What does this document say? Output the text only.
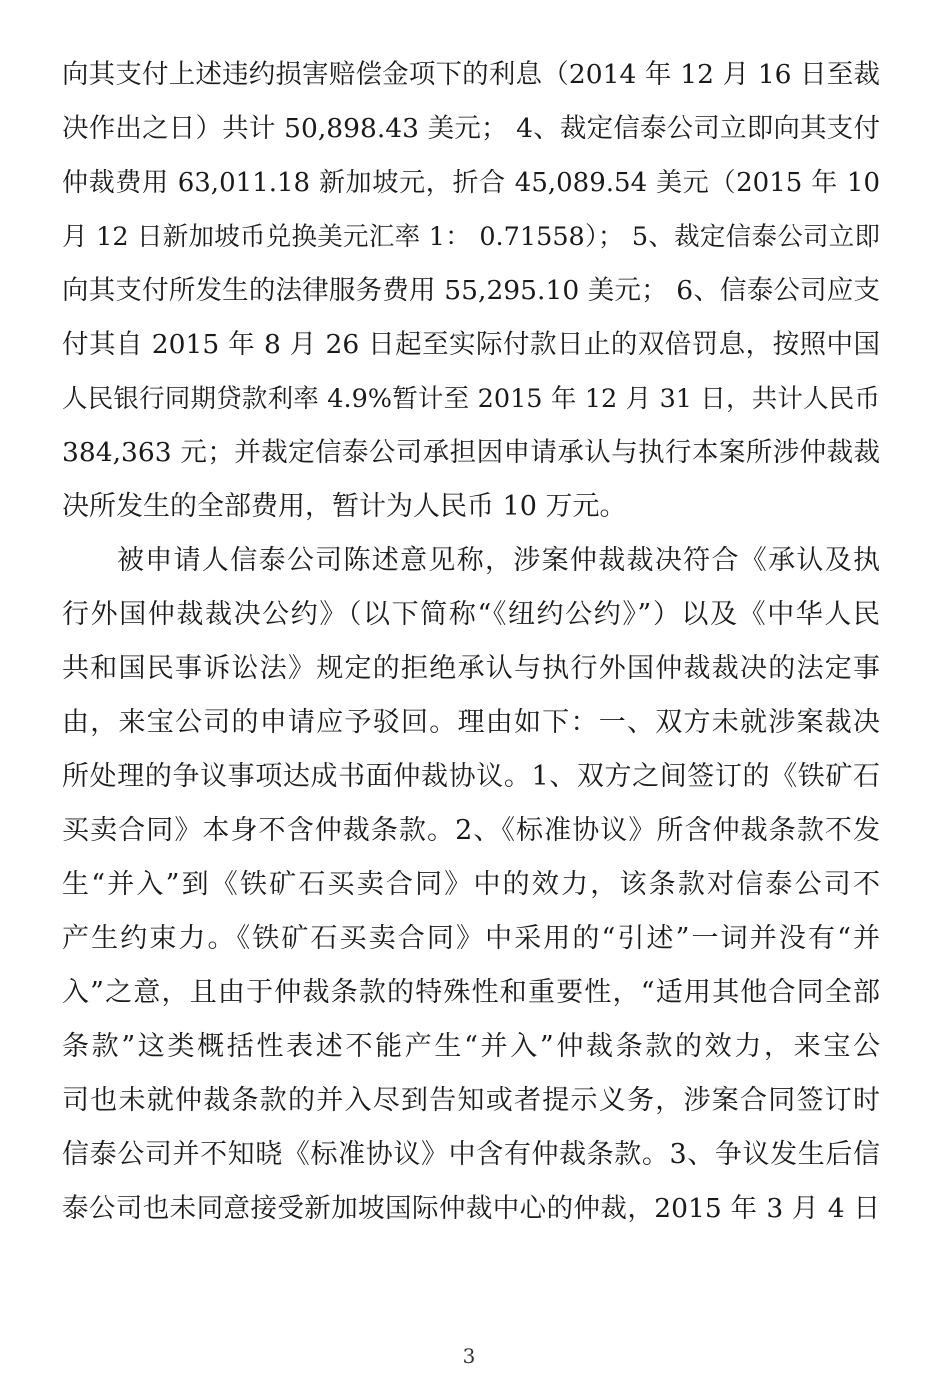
向其支付上述违约损害赔偿金项下的利息（2014 年 12 月 16 日至裁
决作出之日）共计 50,898.43 美元； 4、裁定信泰公司立即向其支付
仲裁费用 63,011.18 新加坡元，折合 45,089.54 美元（2015 年 10
月 12 日新加坡币兑换美元汇率 1： 0.71558）； 5、裁定信泰公司立即
向其支付所发生的法律服务费用 55,295.10 美元； 6、信泰公司应支
付其自 2015 年 8 月 26 日起至实际付款日止的双倍罚息，按照中国
人民银行同期贷款利率 4.9%暂计至 2015 年 12 月 31 日，共计人民币
384,363 元；并裁定信泰公司承担因申请承认与执行本案所涉仲裁裁
决所发生的全部费用，暂计为人民币 10 万元。
被申请人信泰公司陈述意见称，涉案仲裁裁决符合《承认及执
行外国仲裁裁决公约》（以下简称“《纽约公约》”）以及《中华人民
共和国民事诉讼法》规定的拒绝承认与执行外国仲裁裁决的法定事
由，来宝公司的申请应予驳回。理由如下：一、双方未就涉案裁决
所处理的争议事项达成书面仲裁协议。1、双方之间签订的《铁矿石
买卖合同》本身不含仲裁条款。2、《标准协议》所含仲裁条款不发
生“并入”到《铁矿石买卖合同》中的效力，该条款对信泰公司不
产生约束力。《铁矿石买卖合同》中采用的“引述”一词并没有“并
入”之意，且由于仲裁条款的特殊性和重要性，“适用其他合同全部
条款”这类概括性表述不能产生“并入”仲裁条款的效力，来宝公
司也未就仲裁条款的并入尽到告知或者提示义务，涉案合同签订时
信泰公司并不知晓《标准协议》中含有仲裁条款。3、争议发生后信
泰公司也未同意接受新加坡国际仲裁中心的仲裁，2015 年 3 月 4 日
3
